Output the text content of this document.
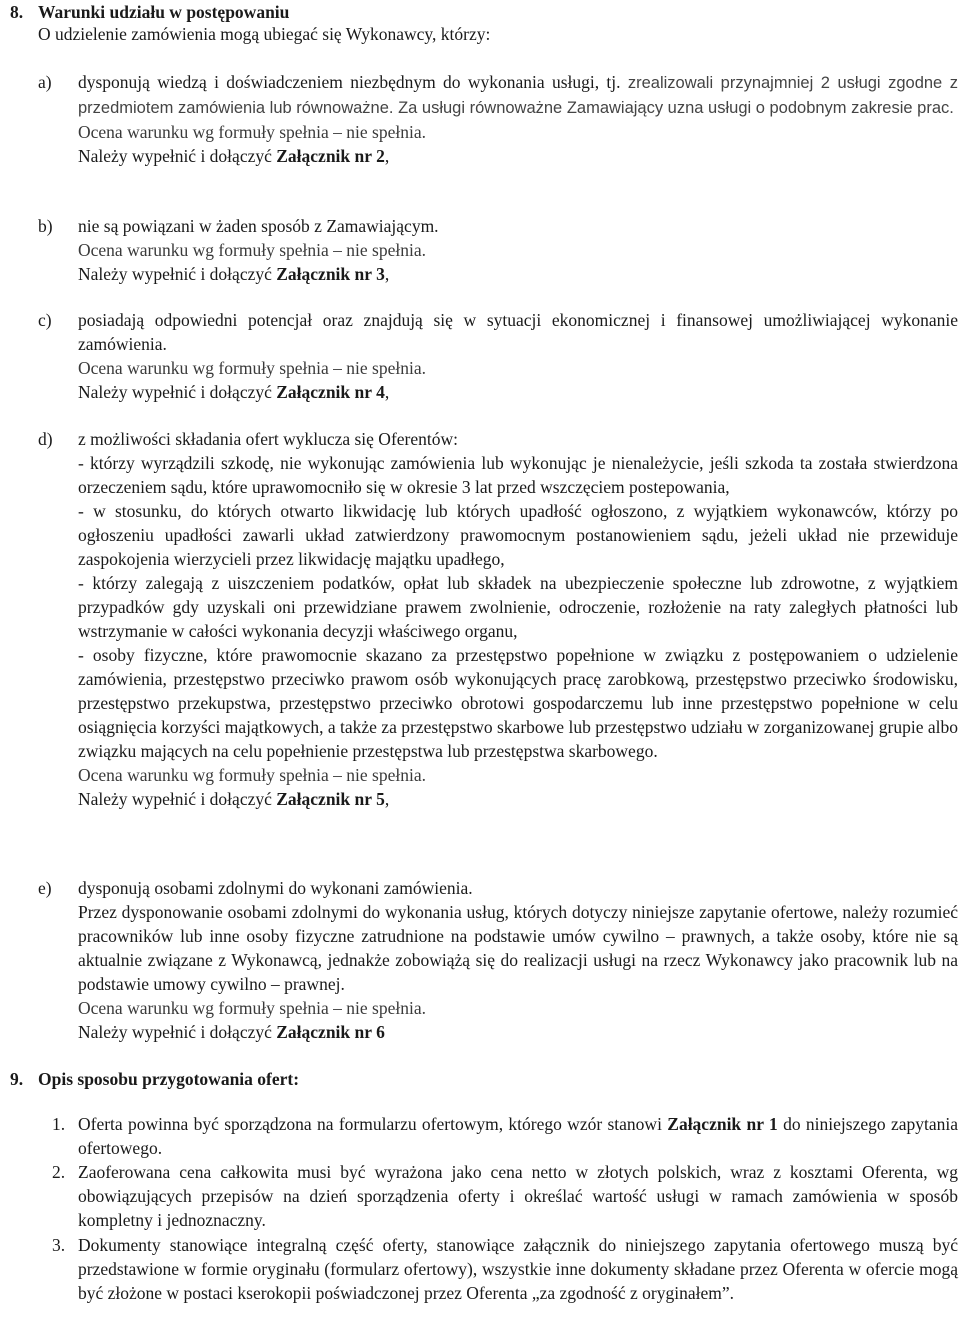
8. Warunki udziału w postępowaniu

O udzielenie zamówienia mogą ubiegać się Wykonawcy, którzy:

a) dysponują wiedzą i doświadczeniem niezbędnym do wykonania usługi, tj. zrealizowali przynajmniej 2 usługi zgodne z przedmiotem zamówienia lub równoważne. Za usługi równoważne Zamawiający uzna usługi o podobnym zakresie prac.

Ocena warunku wg formuły spełnia – nie spełnia.

Należy wypełnić i dołączyć Załącznik nr 2,

b) nie są powiązani w żaden sposób z Zamawiającym.

Ocena warunku wg formuły spełnia – nie spełnia.

Należy wypełnić i dołączyć Załącznik nr 3,

c) posiadają odpowiedni potencjał oraz znajdują się w sytuacji ekonomicznej i finansowej umożliwiającej wykonanie zamówienia.

Ocena warunku wg formuły spełnia – nie spełnia.

Należy wypełnić i dołączyć Załącznik nr 4,

d) z możliwości składania ofert wyklucza się Oferentów:

- którzy wyrządzili szkodę, nie wykonując zamówienia lub wykonując je nienależycie, jeśli szkoda ta została stwierdzona orzeczeniem sądu, które uprawomocniło się w okresie 3 lat przed wszczęciem postepowania,

- w stosunku, do których otwarto likwidację lub których upadłość ogłoszono, z wyjątkiem wykonawców, którzy po ogłoszeniu upadłości zawarli układ zatwierdzony prawomocnym postanowieniem sądu, jeżeli układ nie przewiduje zaspokojenia wierzycieli przez likwidację majątku upadłego,

- którzy zalegają z uiszczeniem podatków, opłat lub składek na ubezpieczenie społeczne lub zdrowotne, z wyjątkiem przypadków gdy uzyskali oni przewidziane prawem zwolnienie, odroczenie, rozłożenie na raty zaległych płatności lub wstrzymanie w całości wykonania decyzji właściwego organu,

- osoby fizyczne, które prawomocnie skazano za przestępstwo popełnione w związku z postępowaniem o udzielenie zamówienia, przestępstwo przeciwko prawom osób wykonujących pracę zarobkową, przestępstwo przeciwko środowisku, przestępstwo przekupstwa, przestępstwo przeciwko obrotowi gospodarczemu lub inne przestępstwo popełnione w celu osiągnięcia korzyści majątkowych, a także za przestępstwo skarbowe lub przestępstwo udziału w zorganizowanej grupie albo związku mających na celu popełnienie przestępstwa lub przestępstwa skarbowego.

Ocena warunku wg formuły spełnia – nie spełnia.

Należy wypełnić i dołączyć Załącznik nr 5,

e) dysponują osobami zdolnymi do wykonani zamówienia.

Przez dysponowanie osobami zdolnymi do wykonania usług, których dotyczy niniejsze zapytanie ofertowe, należy rozumieć pracowników lub inne osoby fizyczne zatrudnione na podstawie umów cywilno – prawnych, a także osoby, które nie są aktualnie związane z Wykonawcą, jednakże zobowiążą się do realizacji usługi na rzecz Wykonawcy jako pracownik lub na podstawie umowy cywilno – prawnej.

Ocena warunku wg formuły spełnia – nie spełnia.

Należy wypełnić i dołączyć Załącznik nr 6

9. Opis sposobu przygotowania ofert:
1. Oferta powinna być sporządzona na formularzu ofertowym, którego wzór stanowi Załącznik nr 1 do niniejszego zapytania ofertowego.

2. Zaoferowana cena całkowita musi być wyrażona jako cena netto w złotych polskich, wraz z kosztami Oferenta, wg obowiązujących przepisów na dzień sporządzenia oferty i określać wartość usługi w ramach zamówienia w sposób kompletny i jednoznaczny.

3. Dokumenty stanowiące integralną część oferty, stanowiące załącznik do niniejszego zapytania ofertowego muszą być przedstawione w formie oryginału (formularz ofertowy), wszystkie inne dokumenty składane przez Oferenta w ofercie mogą być złożone w postaci kserokopii poświadczonej przez Oferenta „za zgodność z oryginałem”.
